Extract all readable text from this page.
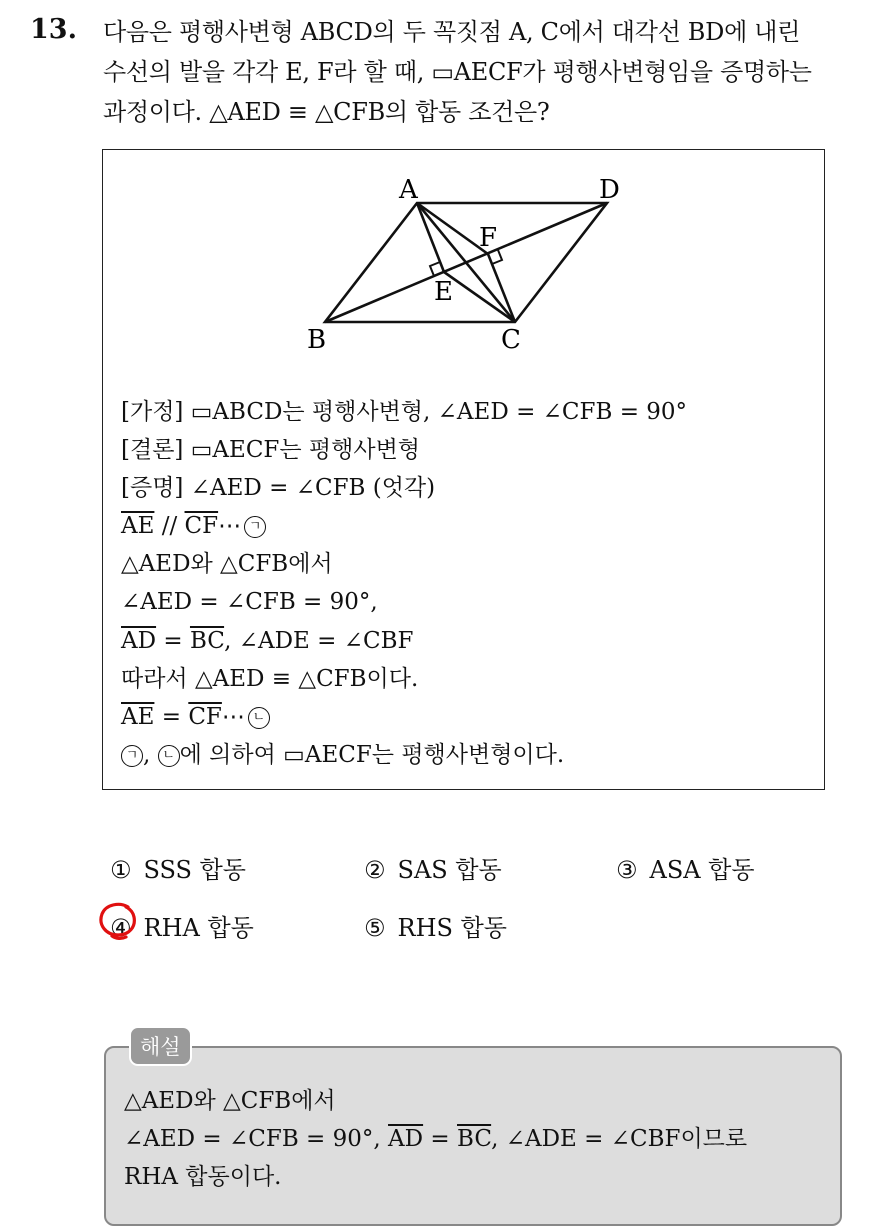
13. 다음은 평행사변형 ABCD의 두 꼭짓점 A, C에서 대각선 BD에 내린
수선의 발을 각각 E, F라 할 때, ▭AECF가 평행사변형임을 증명하는
과정이다. △AED ≡ △CFB의 합동 조건은?
A	D
F
E
B	C
[가정] ▭ABCD는 평행사변형, ∠AED = ∠CFB = 90°
[결론] ▭AECF는 평행사변형
[증명] ∠AED = ∠CFB (엇각)
$\overline{AE}$ // $\overline{CF}\cdots$ ㄱ
△AED와 △CFB에서
∠AED = ∠CFB = 90°,
$\overline{AD} = \overline{BC}$, ∠ADE = ∠CBF
따라서 △AED ≡ △CFB이다.
$\overline{AE}$ = $\overline{CF}\cdots$ ㄴ
ㄱ , ㄴ 에 의하여 ▭AECF는 평행사변형이다.
① SSS 합동	② SAS 합동	③ ASA 합동
④ RHA 합동	⑤ RHS 합동
해설
△AED와 △CFB에서
∠AED = ∠CFB = 90°, $\overline{AD} = \overline{BC}$, ∠ADE = ∠CBF이므로
RHA 합동이다.
